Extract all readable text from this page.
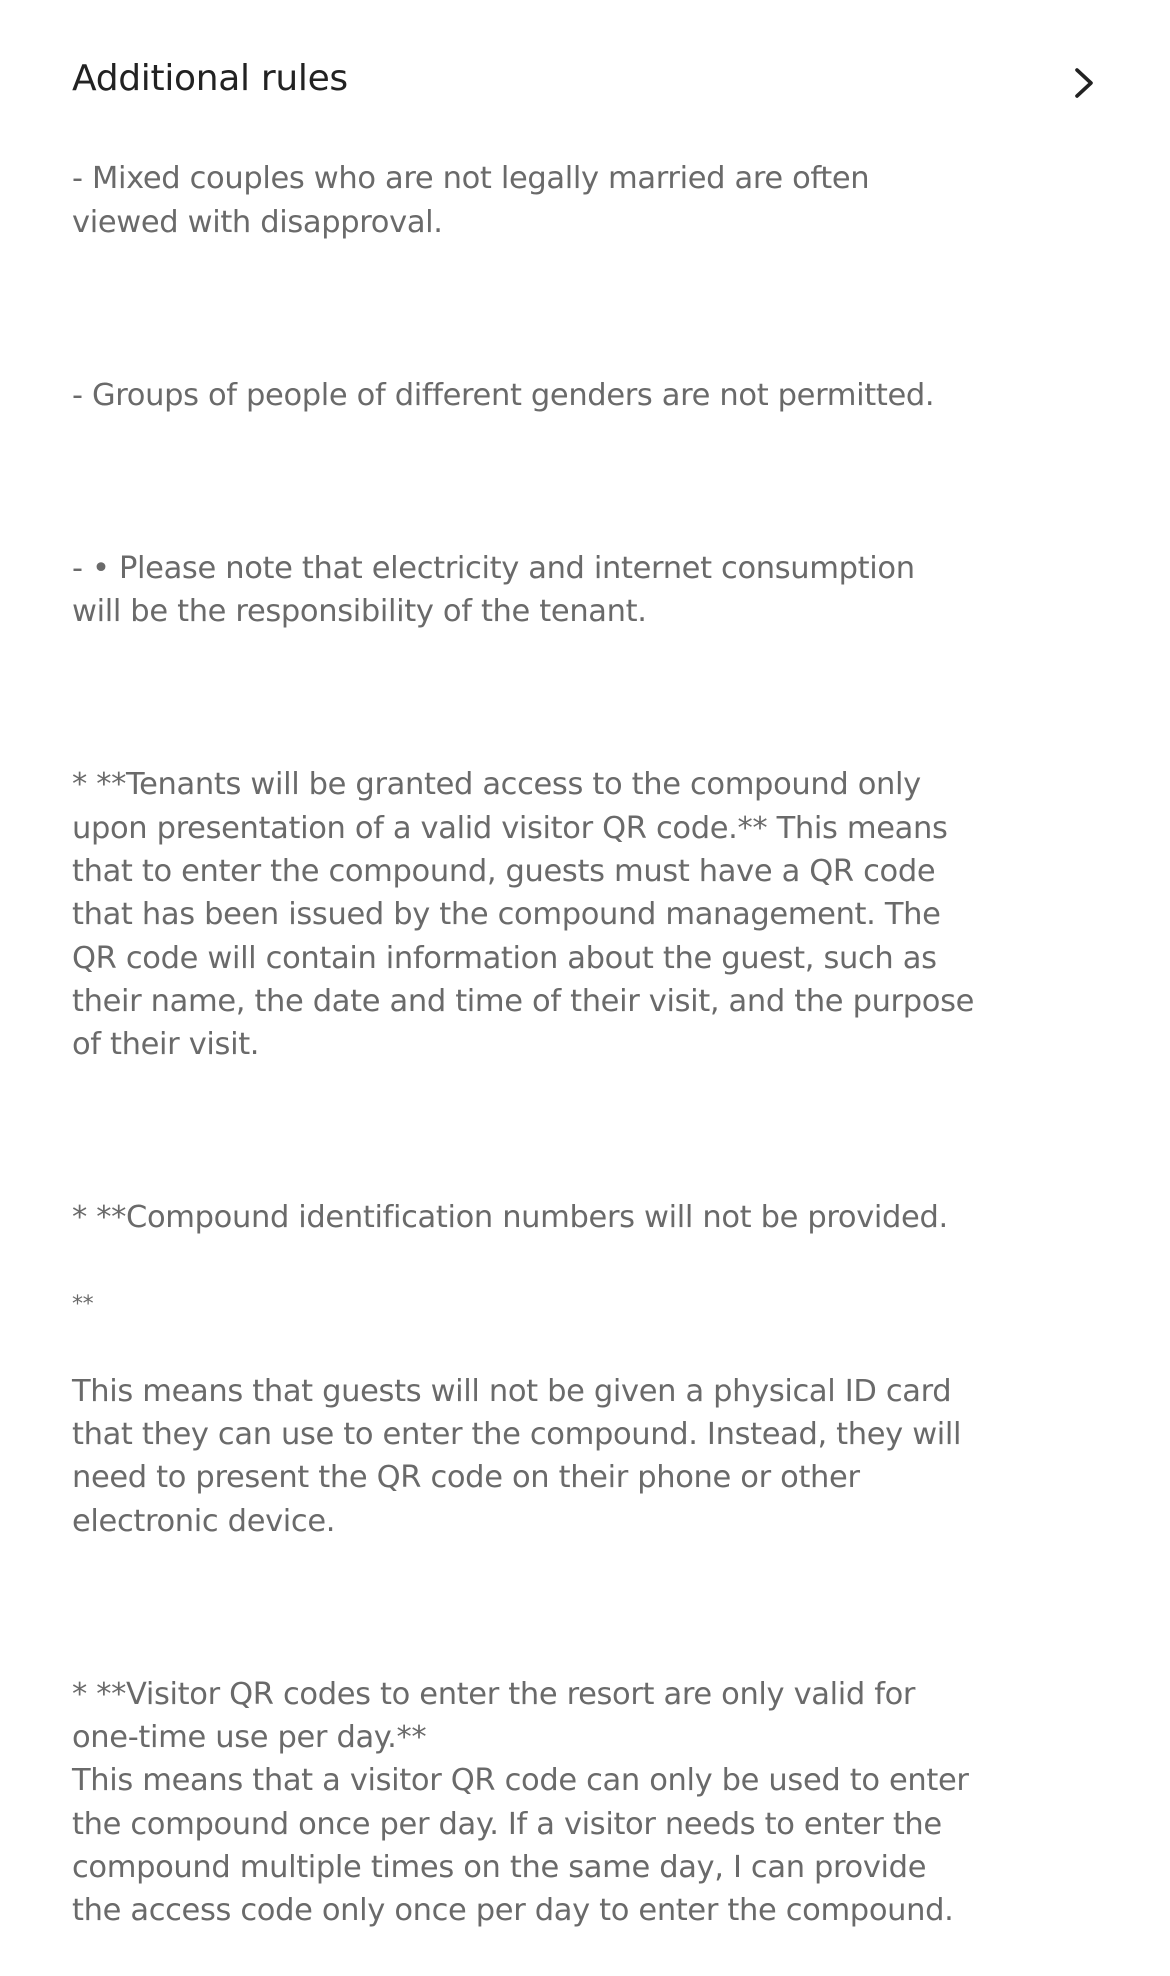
Additional rules

- Mixed couples who are not legally married are often
viewed with disapproval.

- Groups of people of different genders are not permitted.

- • Please note that electricity and internet consumption
will be the responsibility of the tenant.

* **Tenants will be granted access to the compound only
upon presentation of a valid visitor QR code.** This means
that to enter the compound, guests must have a QR code
that has been issued by the compound management. The
QR code will contain information about the guest, such as
their name, the date and time of their visit, and the purpose
of their visit.

* **Compound identification numbers will not be provided.

**

This means that guests will not be given a physical ID card
that they can use to enter the compound. Instead, they will
need to present the QR code on their phone or other
electronic device.

* **Visitor QR codes to enter the resort are only valid for
one-time use per day.**
This means that a visitor QR code can only be used to enter
the compound once per day. If a visitor needs to enter the
compound multiple times on the same day, I can provide
the access code only once per day to enter the compound.
